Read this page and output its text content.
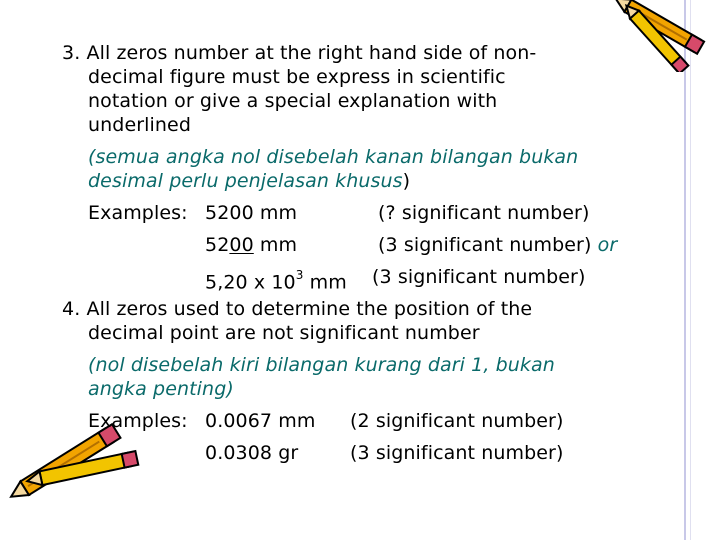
3. All zeros number at the right hand side of non-
decimal figure must be express in scientific
notation or give a special explanation with
underlined
(semua angka nol disebelah kanan bilangan bukan
desimal perlu penjelasan khusus)
Examples: 5200 mm	(? significant number)
5200 mm	(3 significant number) or
5,20 x $10^3$ mm (3 significant number)
4. All zeros used to determine the position of the
decimal point are not significant number
(nol disebelah kiri bilangan kurang dari 1, bukan
angka penting)
Examples: 0.0067 mm (2 significant number)
0.0308 gr	(3 significant number)
